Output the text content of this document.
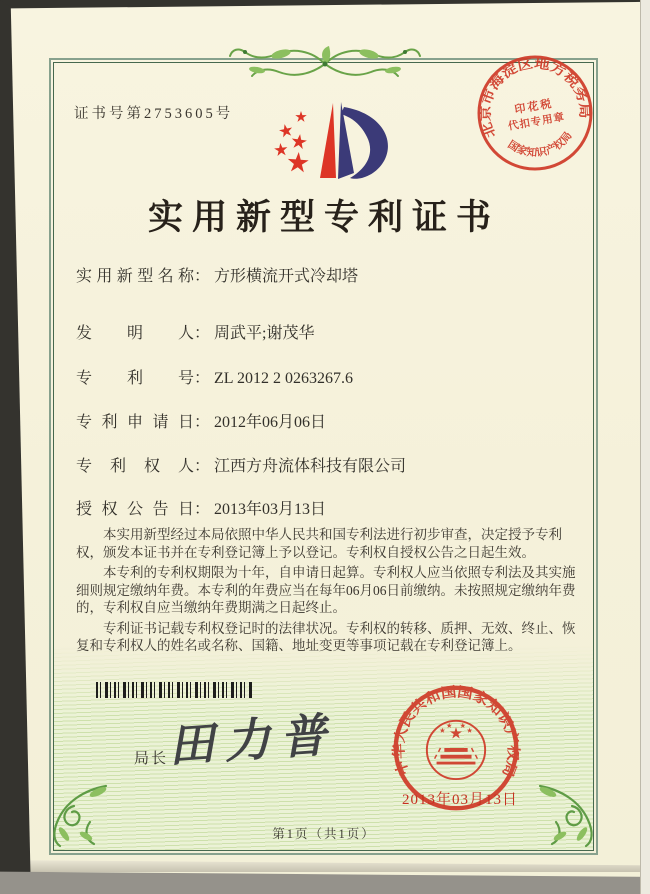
证书号第2753605号
实用新型专利证书
实用新型名称： 方形横流开式冷却塔
发明人： 周武平;谢茂华
专利号： ZL 2012 2 0263267.6
专利申请日： 2012年06月06日
专利权人： 江西方舟流体科技有限公司
授权公告日： 2013年03月13日

本实用新型经过本局依照中华人民共和国专利法进行初步审查，决定授予专利权，颁发本证书并在专利登记簿上予以登记。专利权自授权公告之日起生效。

本专利的专利权期限为十年，自申请日起算。专利权人应当依照专利法及其实施细则规定缴纳年费。本专利的年费应当在每年06月06日前缴纳。未按照规定缴纳年费的，专利权自应当缴纳年费期满之日起终止。

专利证书记载专利权登记时的法律状况。专利权的转移、质押、无效、终止、恢复和专利权人的姓名或名称、国籍、地址变更等事项记载在专利登记簿上。

局长
田力普	中华人民共和国国家知识产权局
2013年03月13日
北京市海淀区地方税务局
国家知识产权局
印花税
代扣专用章
第1页（共1页）
